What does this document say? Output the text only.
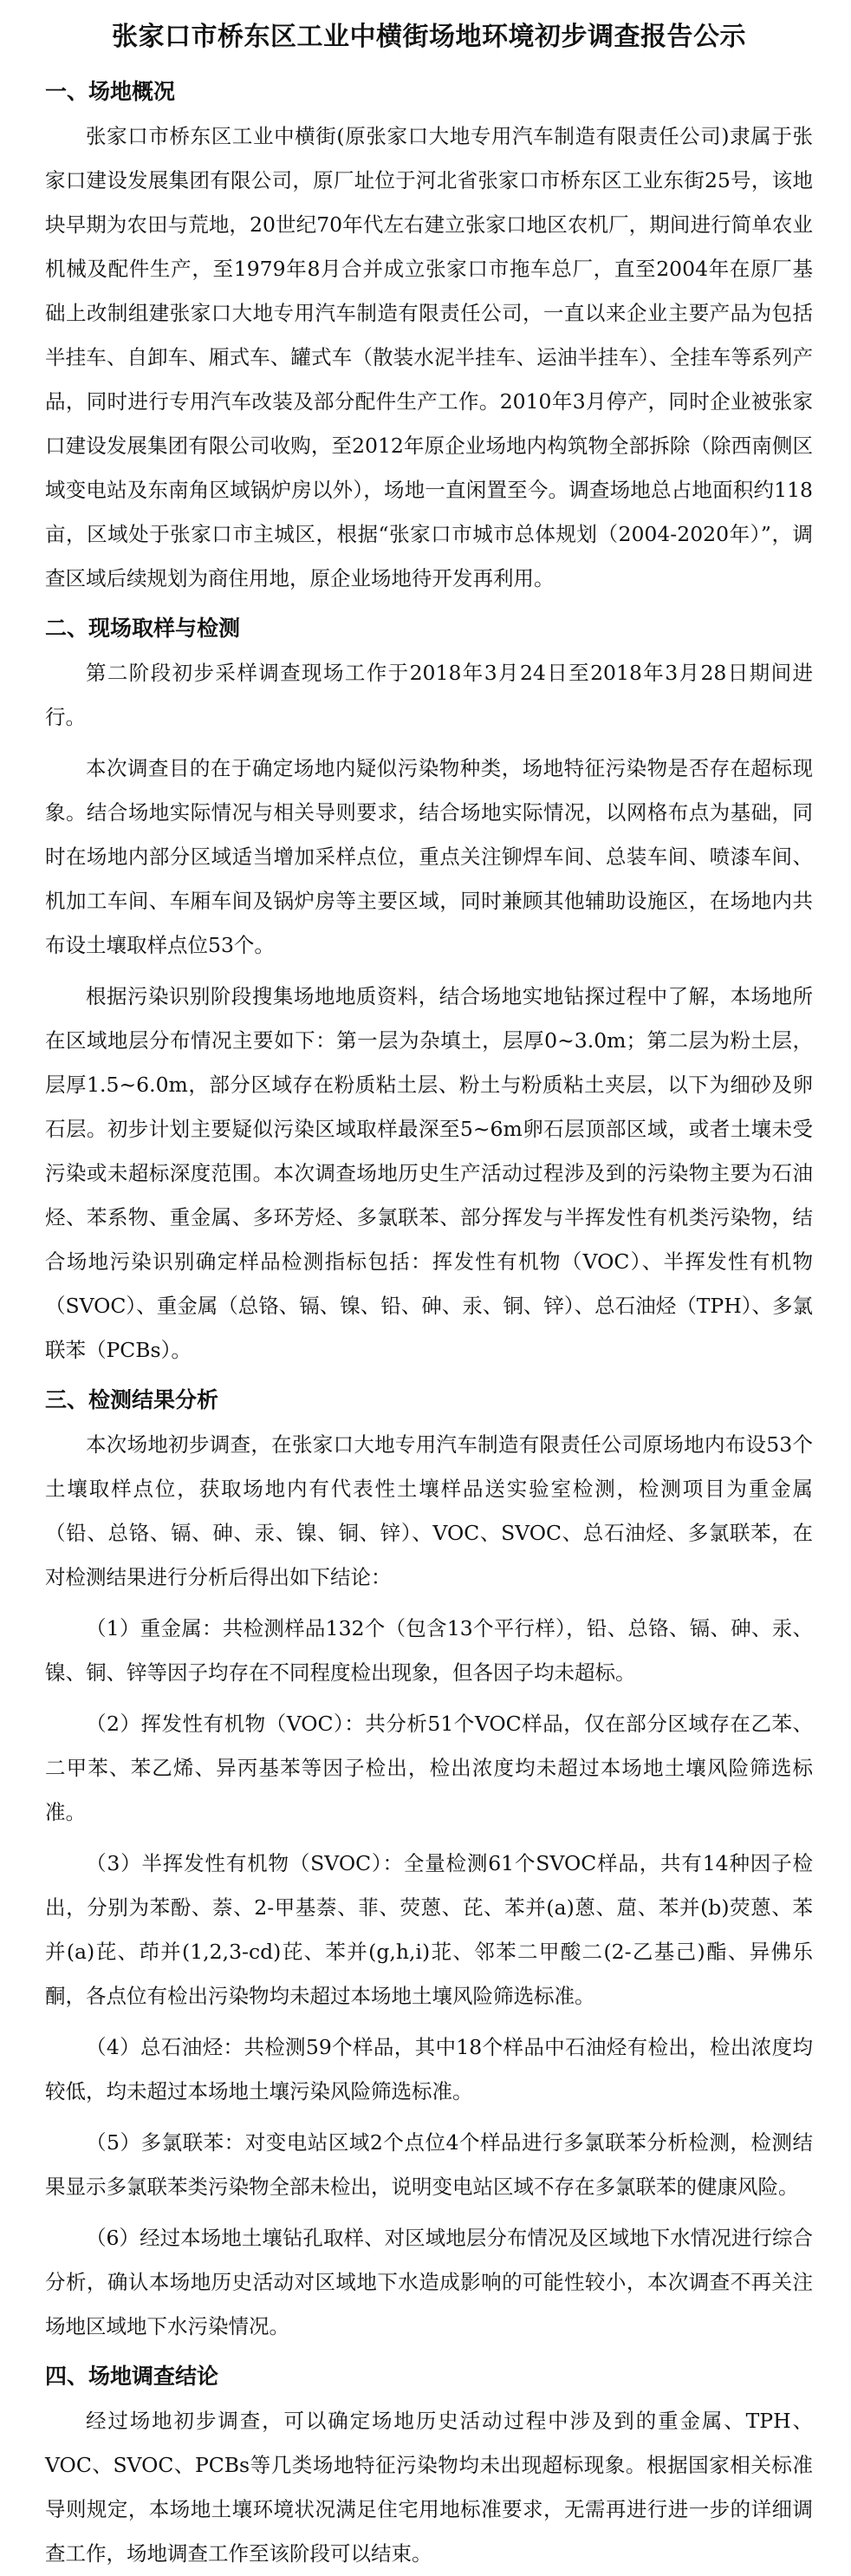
张家口市桥东区工业中横街场地环境初步调查报告公示
一、场地概况

张家口市桥东区工业中横街(原张家口大地专用汽车制造有限责任公司)隶属于张家口建设发展集团有限公司，原厂址位于河北省张家口市桥东区工业东街25号，该地块早期为农田与荒地，20世纪70年代左右建立张家口地区农机厂，期间进行简单农业机械及配件生产，至1979年8月合并成立张家口市拖车总厂，直至2004年在原厂基础上改制组建张家口大地专用汽车制造有限责任公司，一直以来企业主要产品为包括半挂车、自卸车、厢式车、罐式车（散装水泥半挂车、运油半挂车）、全挂车等系列产品，同时进行专用汽车改装及部分配件生产工作。2010年3月停产，同时企业被张家口建设发展集团有限公司收购，至2012年原企业场地内构筑物全部拆除（除西南侧区域变电站及东南角区域锅炉房以外），场地一直闲置至今。调查场地总占地面积约118亩，区域处于张家口市主城区，根据“张家口市城市总体规划（2004-2020年）”，调查区域后续规划为商住用地，原企业场地待开发再利用。

二、现场取样与检测

第二阶段初步采样调查现场工作于2018年3月24日至2018年3月28日期间进行。

本次调查目的在于确定场地内疑似污染物种类，场地特征污染物是否存在超标现象。结合场地实际情况与相关导则要求，结合场地实际情况，以网格布点为基础，同时在场地内部分区域适当增加采样点位，重点关注铆焊车间、总装车间、喷漆车间、机加工车间、车厢车间及锅炉房等主要区域，同时兼顾其他辅助设施区，在场地内共布设土壤取样点位53个。

根据污染识别阶段搜集场地地质资料，结合场地实地钻探过程中了解，本场地所在区域地层分布情况主要如下：第一层为杂填土，层厚0~3.0m；第二层为粉土层，层厚1.5~6.0m，部分区域存在粉质粘土层、粉土与粉质粘土夹层，以下为细砂及卵石层。初步计划主要疑似污染区域取样最深至5~6m卵石层顶部区域，或者土壤未受污染或未超标深度范围。本次调查场地历史生产活动过程涉及到的污染物主要为石油烃、苯系物、重金属、多环芳烃、多氯联苯、部分挥发与半挥发性有机类污染物，结合场地污染识别确定样品检测指标包括：挥发性有机物（VOC）、半挥发性有机物（SVOC）、重金属（总铬、镉、镍、铅、砷、汞、铜、锌）、总石油烃（TPH）、多氯联苯（PCBs）。

三、检测结果分析

本次场地初步调查，在张家口大地专用汽车制造有限责任公司原场地内布设53个土壤取样点位，获取场地内有代表性土壤样品送实验室检测，检测项目为重金属（铅、总铬、镉、砷、汞、镍、铜、锌）、VOC、SVOC、总石油烃、多氯联苯，在对检测结果进行分析后得出如下结论：

（1）重金属：共检测样品132个（包含13个平行样），铅、总铬、镉、砷、汞、镍、铜、锌等因子均存在不同程度检出现象，但各因子均未超标。

（2）挥发性有机物（VOC）：共分析51个VOC样品，仅在部分区域存在乙苯、二甲苯、苯乙烯、异丙基苯等因子检出，检出浓度均未超过本场地土壤风险筛选标准。

（3）半挥发性有机物（SVOC）：全量检测61个SVOC样品，共有14种因子检出，分别为苯酚、萘、2-甲基萘、菲、荧蒽、芘、苯并(a)蒽、䓛、苯并(b)荧蒽、苯并(a)芘、茚并(1,2,3-cd)芘、苯并(g,h,i)苝、邻苯二甲酸二(2-乙基己)酯、异佛乐酮，各点位有检出污染物均未超过本场地土壤风险筛选标准。

（4）总石油烃：共检测59个样品，其中18个样品中石油烃有检出，检出浓度均较低，均未超过本场地土壤污染风险筛选标准。

（5）多氯联苯：对变电站区域2个点位4个样品进行多氯联苯分析检测，检测结果显示多氯联苯类污染物全部未检出，说明变电站区域不存在多氯联苯的健康风险。

（6）经过本场地土壤钻孔取样、对区域地层分布情况及区域地下水情况进行综合分析，确认本场地历史活动对区域地下水造成影响的可能性较小，本次调查不再关注场地区域地下水污染情况。

四、场地调查结论

经过场地初步调查，可以确定场地历史活动过程中涉及到的重金属、TPH、VOC、SVOC、PCBs等几类场地特征污染物均未出现超标现象。根据国家相关标准导则规定，本场地土壤环境状况满足住宅用地标准要求，无需再进行进一步的详细调查工作，场地调查工作至该阶段可以结束。
